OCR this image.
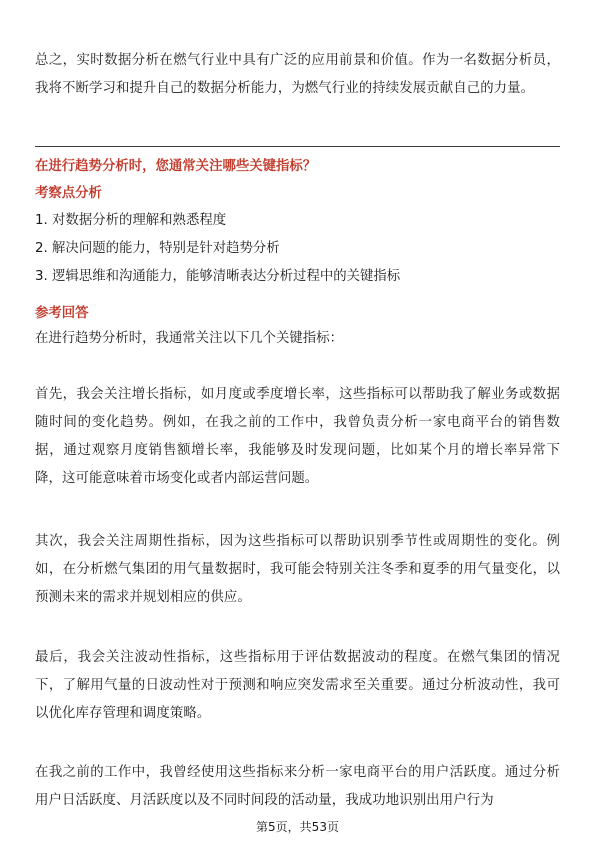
总之，实时数据分析在燃气行业中具有广泛的应用前景和价值。作为一名数据分析员，我将不断学习和提升自己的数据分析能力，为燃气行业的持续发展贡献自己的力量。

在进行趋势分析时，您通常关注哪些关键指标？

考察点分析

1. 对数据分析的理解和熟悉程度

2. 解决问题的能力，特别是针对趋势分析

3. 逻辑思维和沟通能力，能够清晰表达分析过程中的关键指标

参考回答

在进行趋势分析时，我通常关注以下几个关键指标：

首先，我会关注增长指标，如月度或季度增长率，这些指标可以帮助我了解业务或数据随时间的变化趋势。例如，在我之前的工作中，我曾负责分析一家电商平台的销售数据，通过观察月度销售额增长率，我能够及时发现问题，比如某个月的增长率异常下降，这可能意味着市场变化或者内部运营问题。

其次，我会关注周期性指标，因为这些指标可以帮助识别季节性或周期性的变化。例如，在分析燃气集团的用气量数据时，我可能会特别关注冬季和夏季的用气量变化，以预测未来的需求并规划相应的供应。

最后，我会关注波动性指标，这些指标用于评估数据波动的程度。在燃气集团的情况下，了解用气量的日波动性对于预测和响应突发需求至关重要。通过分析波动性，我可以优化库存管理和调度策略。

在我之前的工作中，我曾经使用这些指标来分析一家电商平台的用户活跃度。通过分析用户日活跃度、月活跃度以及不同时间段的活动量，我成功地识别出用户行为

第5页，共53页
